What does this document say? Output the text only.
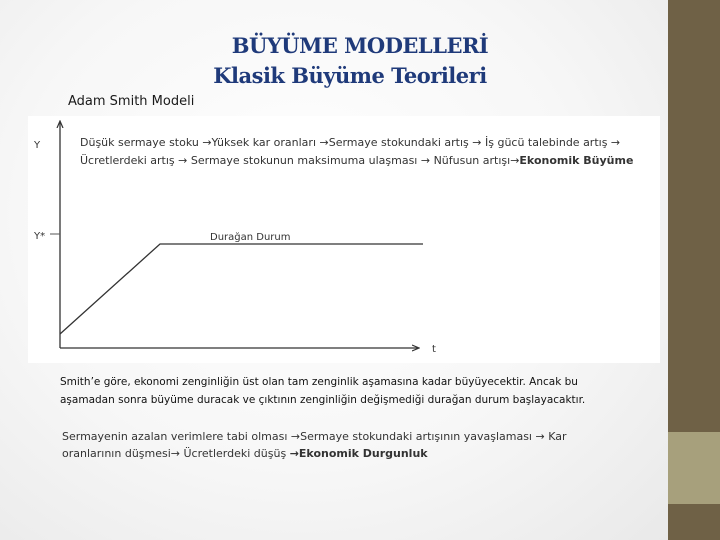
BÜYÜME MODELLERİ
Klasik Büyüme Teorileri
Adam Smith Modeli
Y
t
Y*	Durağan Durum
Düşük sermaye stoku →Yüksek kar oranları →Sermaye stokundaki artış → İş gücü talebinde artış →
Ücretlerdeki artış → Sermaye stokunun maksimuma ulaşması → Nüfusun artışı→Ekonomik Büyüme

Smith’e göre, ekonomi zenginliğin üst olan tam zenginlik aşamasına kadar büyüyecektir. Ancak bu

aşamadan sonra büyüme duracak ve çıktının zenginliğin değişmediği durağan durum başlayacaktır.

Sermayenin azalan verimlere tabi olması →Sermaye stokundaki artışının yavaşlaması → Kar

oranlarının düşmesi→ Ücretlerdeki düşüş →Ekonomik Durgunluk
